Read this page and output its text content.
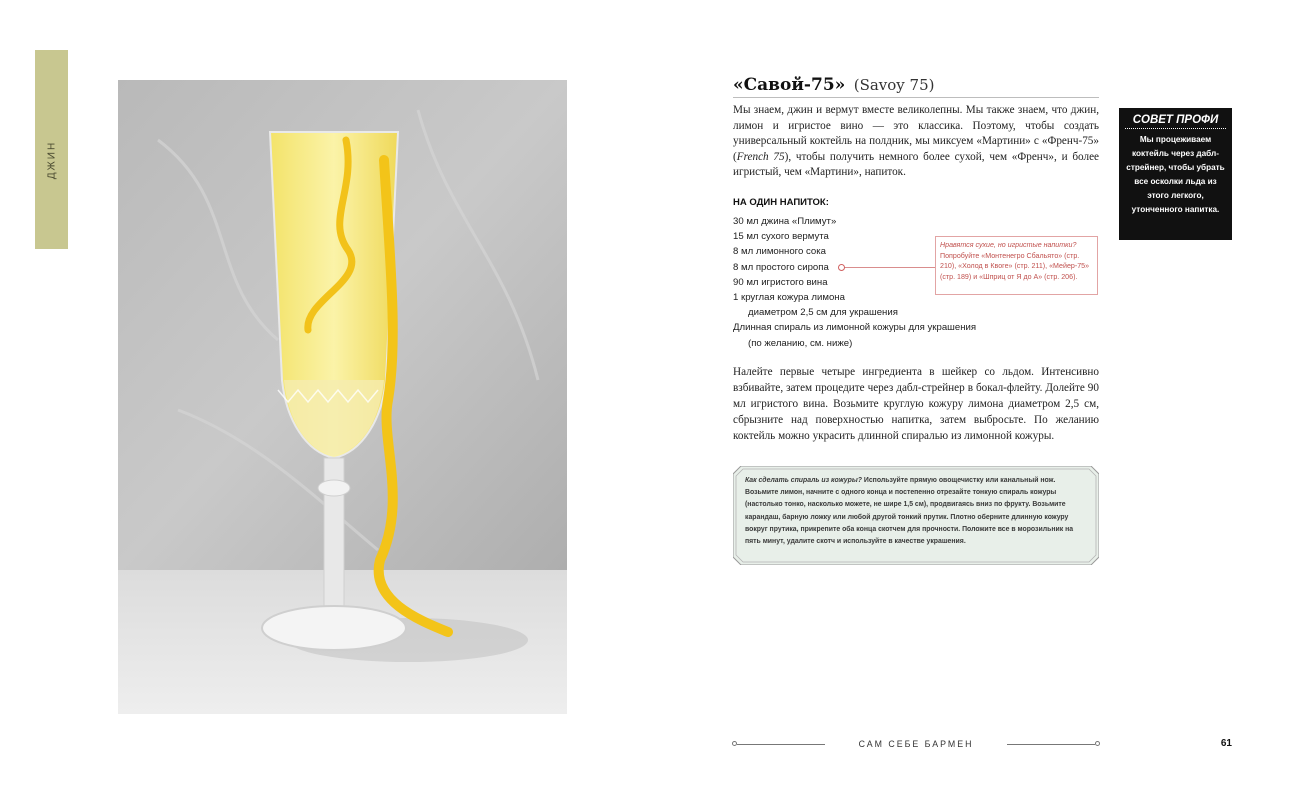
ДЖИН
«Савой-75» (Savoy 75)

Мы знаем, джин и вермут вместе великолепны. Мы также знаем, что джин, лимон и игристое вино — это классика. Поэтому, чтобы создать универсальный коктейль на полдник, мы миксуем «Мартини» с «Френч-75» (French 75), чтобы получить немного более сухой, чем «Френч», и более игристый, чем «Мартини», напиток.

НА ОДИН НАПИТОК:
30 мл джина «Плимут»
15 мл сухого вермута
8 мл лимонного сока
8 мл простого сиропа
90 мл игристого вина
1 круглая кожура лимона
диаметром 2,5 см для украшения
Длинная спираль из лимонной кожуры для украшения
(по желанию, см. ниже)
Нравятся сухие, но игристые напитки?
Попробуйте «Монтенегро Сбальято» (стр. 210), «Холод в Квоге» (стр. 211), «Мейер-75» (стр. 189) и «Шприц от Я до А» (стр. 206).

Налейте первые четыре ингредиента в шейкер со льдом. Интенсивно взбивайте, затем процедите через дабл-стрейнер в бокал-флейту. Долейте 90 мл игристого вина. Возьмите круглую кожуру лимона диаметром 2,5 см, сбрызните над поверхностью напитка, затем выбросьте. По желанию коктейль можно украсить длинной спиралью из лимонной кожуры.

СОВЕТ ПРОФИ
Мы процеживаем коктейль через дабл-стрейнер, чтобы убрать все осколки льда из этого легкого, утонченного напитка.

Как сделать спираль из кожуры? Используйте прямую овощечистку или канальный нож. Возьмите лимон, начните с одного конца и постепенно отрезайте тонкую спираль кожуры (настолько тонко, насколько можете, не шире 1,5 см), продвигаясь вниз по фрукту. Возьмите карандаш, барную ложку или любой другой тонкий прутик. Плотно оберните длинную кожуру вокруг прутика, прикрепите оба конца скотчем для прочности. Положите все в морозильник на пять минут, удалите скотч и используйте в качестве украшения.

САМ СЕБЕ БАРМЕН	61
